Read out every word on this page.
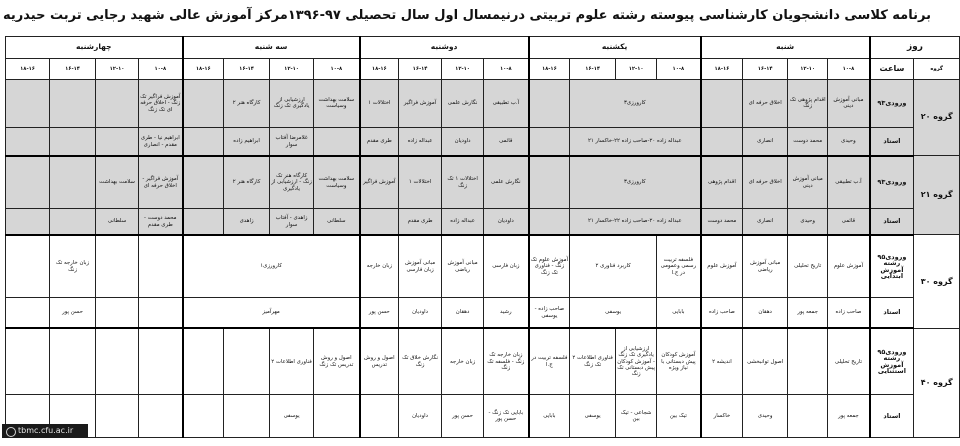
برنامه کلاسی دانشجویان کارشناسی پیوسته رشته علوم تربیتی درنیمسال اول سال تحصیلی ۹۷-۱۳۹۶مرکز آموزش عالی شهید رجایی تربت حیدریه
روز		شنبه				یکشنبه				دوشنبه				سه شنبه				چهارشنبه			
گروه	ساعت	۱۰-۸	۱۲-۱۰	۱۶-۱۴	۱۸-۱۶	۱۰-۸	۱۲-۱۰	۱۶-۱۴	۱۸-۱۶	۱۰-۸	۱۲-۱۰	۱۶-۱۴	۱۸-۱۶	۱۰-۸	۱۲-۱۰	۱۶-۱۴	۱۸-۱۶	۱۰-۸	۱۲-۱۰	۱۶-۱۴	۱۸-۱۶
گروه ۲۰	ورودی۹۳	مبانی آموزش دینی	اقدام پژوهی تک زنگ	اخلاق حرفه ای		کارورزی۳				آ.ب تطبیقی	نگارش علمی	آموزش فراگیر	اختلالات ۱	سلامت بهداشت وسیاست	ارزشیابی از یادگیری تک زنگ	کارگاه هنر ۲		آموزش فراگیر تک زنگ - اخلاق حرفه ای تک زنگ			
	استاد	وحیدی	محمد دوست	انصاری		عبداله زاده ۲۰-صاحب زاده ۲۲-خاکسار ۲۱				قائمی	داودیان	عبداله زاده	طری مقدم		غلامرضا آفتاب سوار	ابراهیم زاده		ابراهیم نیا - طری مقدم - انصاری			
گروه ۲۱	ورودی۹۳	آ.ب تطبیقی	مبانی آموزش دینی	اخلاق حرفه ای	اقدام پژوهی	کارورزی۳				نگارش علمی	اختلالات ۱ تک زنگ	اختلالات ۱	آموزش فراگیر	سلامت بهداشت وسیاست	کارگاه هنر تک زنگ - ارزشیابی از یادگیری	کارگاه هنر ۲		آموزش فراگیر - اخلاق حرفه ای	سلامت بهداشت		
	استاد	قائمی	وحیدی	انصاری	محمد دوست	عبداله زاده ۲۰-صاحب زاده ۲۲-خاکسار ۲۱				داودیان	عبداله زاده	طری مقدم		سلطانی	زاهدی - آفتاب سوار	زاهدی		محمد دوست - طری مقدم	سلطانی		
گروه ۳۰	ورودی۹۵ رشته آموزش ابتدایی	آموزش علوم	تاریخ تحلیلی	مبانی آموزش ریاضی	آموزش علوم	فلسفه تربیت رسمی وعمومی در ج.ا	کاربرد فناوری ۲		آموزش علوم تک زنگ - فناوری تک زنگ	زبان فارسی	مبانی آموزش ریاضی	مبانی آموزش زبان فارسی	زبان خارجه	کارورزی۱						زبان خارجه تک زنگ	
	استاد	صاحب زاده	جمعه پور	دهقان	صاحب زاده	بابایی	یوسفی		صاحب زاده - یوسفی	رشید	دهقان	داودیان	حسن پور	مهرآمیز						حسن پور	
گروه ۴۰	ورودی۹۵ رشته آموزش استثنایی	تاریخ تحلیلی		اصول توانبخشی	اندیشه ۲	آموزش کودکان پیش دبستانی با نیاز ویژه	ارزشیابی از یادگیری تک زنگ - آموزش کودکان پیش دبستانی تک زنگ	فناوری اطلاعات ۲ تک زنگ	فلسفه تربیت در ج.ا	زبان خارجه تک زنگ - فلسفه تک زنگ	زبان خارجه	نگارش خلاق تک زنگ	اصول و روش تدریس	اصول و روش تدریس تک زنگ	فناوری اطلاعات ۲						
	استاد	جمعه پور		وحیدی	خاکسار	تیک بین	شجاعی - تیک بین	یوسفی	بابایی	بابایی تک زنگ - حسن پور	حسن پور	داودیان			یوسفی						
tbmc.cfu.ac.ir
